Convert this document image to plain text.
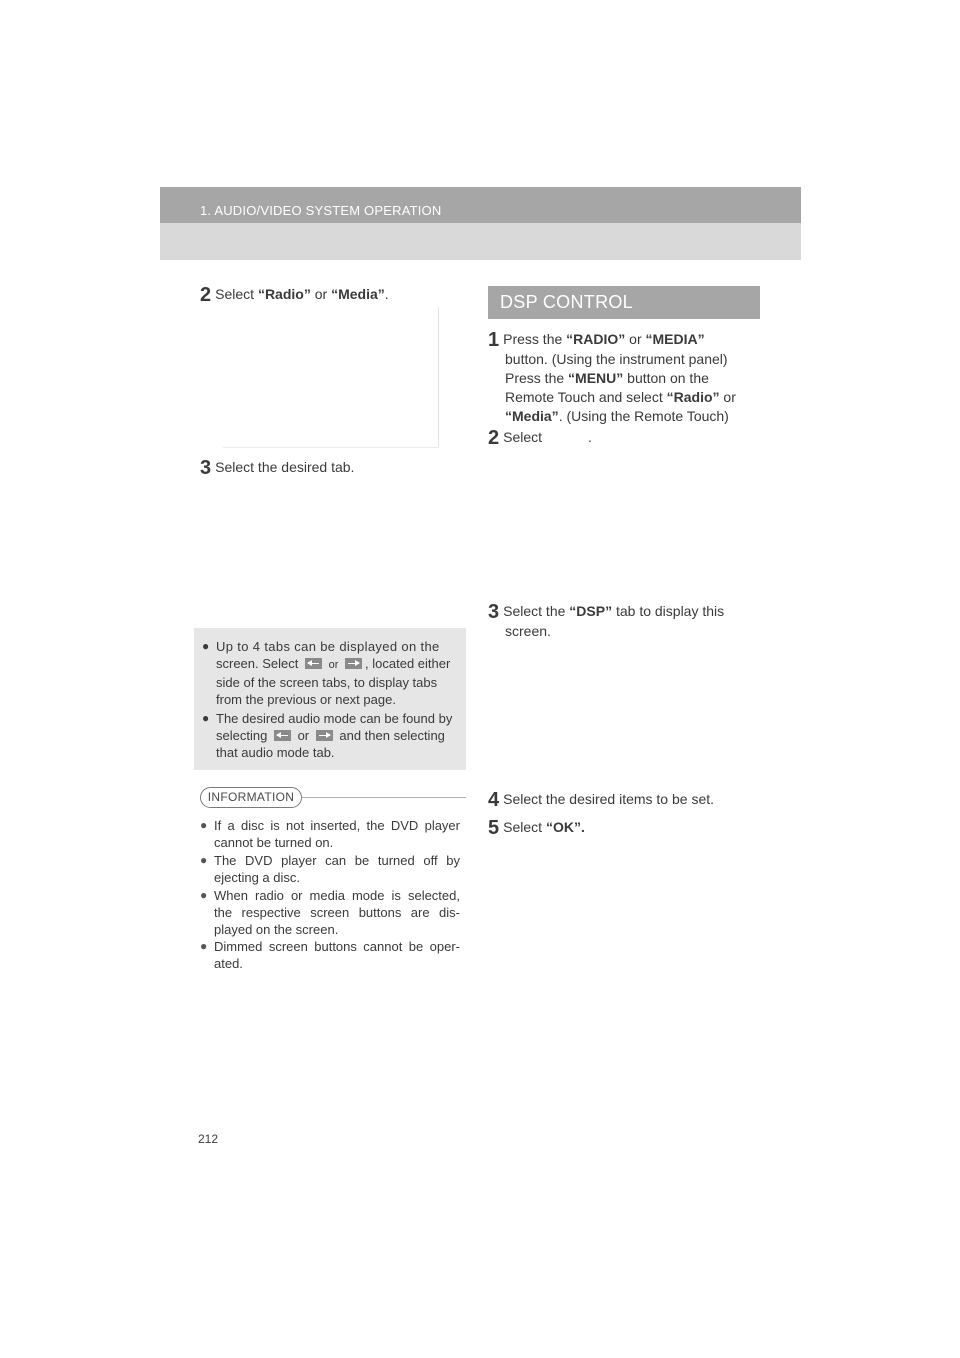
1. AUDIO/VIDEO SYSTEM OPERATION
2 Select “Radio” or “Media”.
3 Select the desired tab.
● Up to 4 tabs can be displayed on the
screen. Select	or , located either
side of the screen tabs, to display tabs
from the previous or next page.
● The desired audio mode can be found by
selecting or and then selecting
that audio mode tab.
INFORMATION
● If a disc is not inserted, the DVD player cannot be turned on.
● The DVD player can be turned off by ejecting a disc.
● When radio or media mode is selected, the respective screen buttons are dis- played on the screen.
● Dimmed screen buttons cannot be oper- ated.
DSP CONTROL
1 Press the “RADIO” or “MEDIA”
button. (Using the instrument panel)
Press the “MENU” button on the
Remote Touch and select “Radio” or
“Media”. (Using the Remote Touch)
2 Select	.
3 Select the “DSP” tab to display this
screen.
4 Select the desired items to be set.
5 Select “OK”.
212
